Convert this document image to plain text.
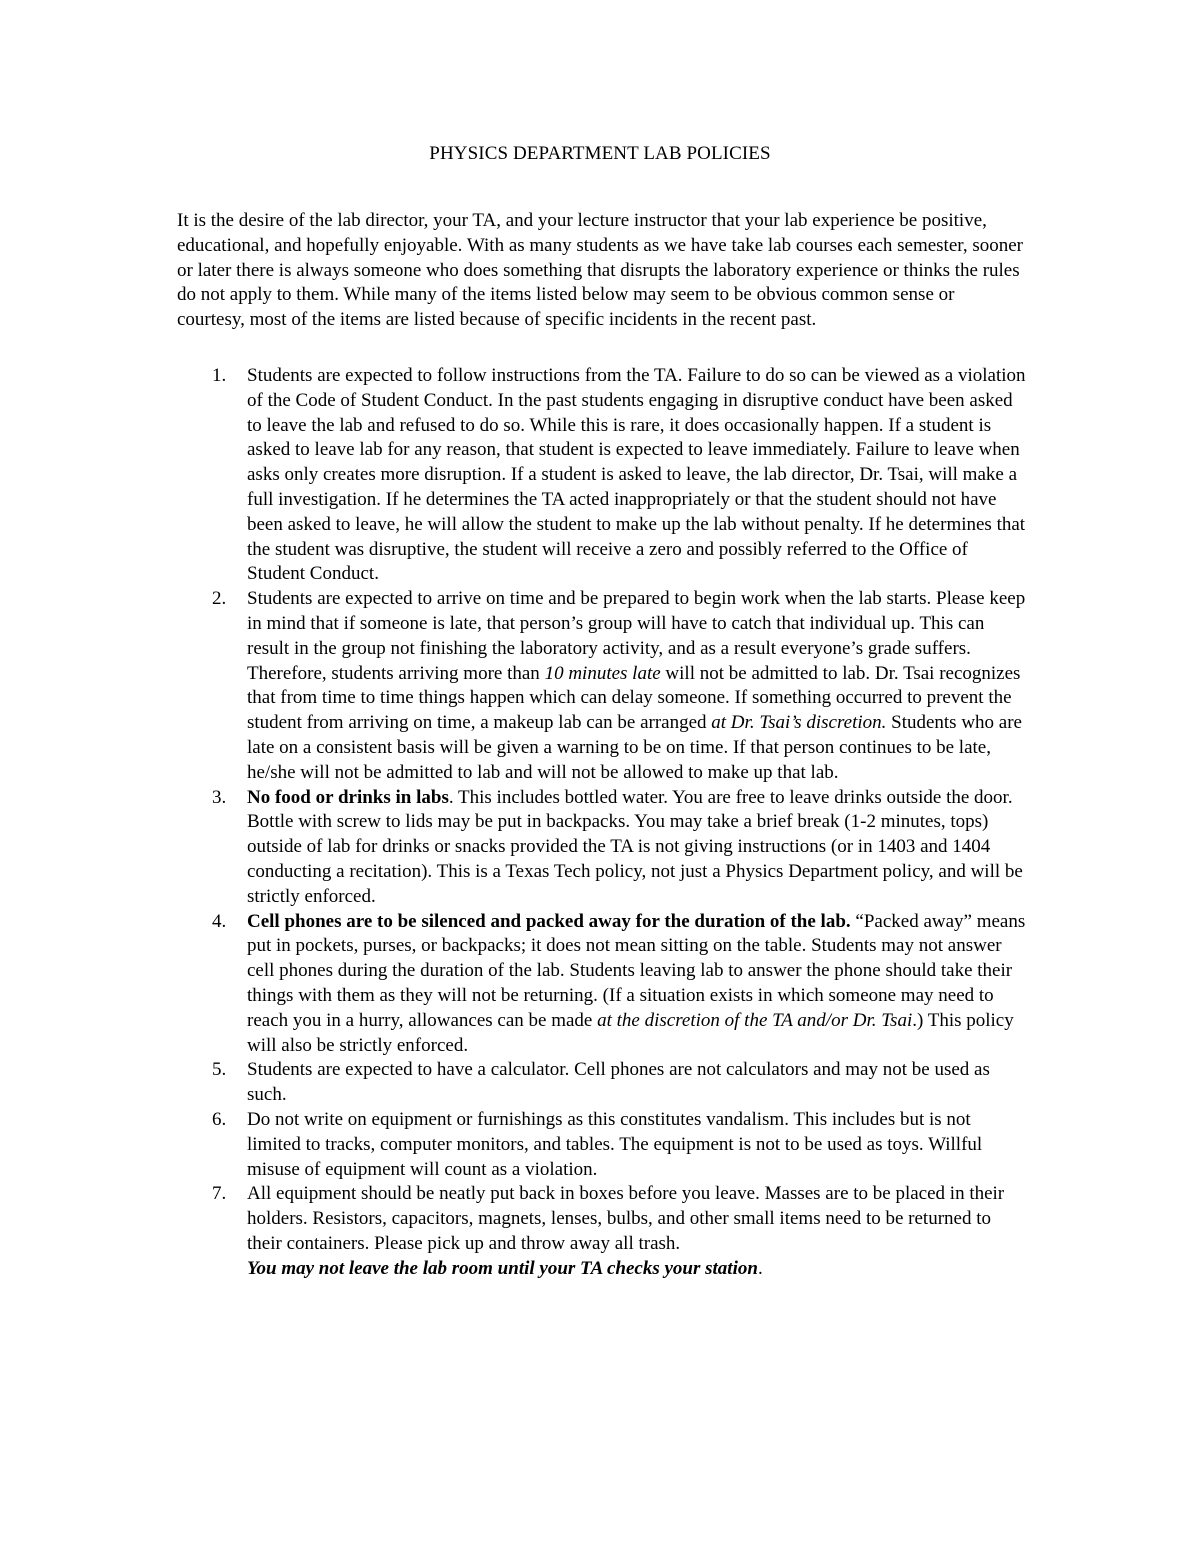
PHYSICS DEPARTMENT LAB POLICIES

It is the desire of the lab director, your TA, and your lecture instructor that your lab experience be positive, educational, and hopefully enjoyable. With as many students as we have take lab courses each semester, sooner or later there is always someone who does something that disrupts the laboratory experience or thinks the rules do not apply to them. While many of the items listed below may seem to be obvious common sense or courtesy, most of the items are listed because of specific incidents in the recent past.

1. Students are expected to follow instructions from the TA. Failure to do so can be viewed as a violation of the Code of Student Conduct. In the past students engaging in disruptive conduct have been asked to leave the lab and refused to do so. While this is rare, it does occasionally happen. If a student is asked to leave lab for any reason, that student is expected to leave immediately. Failure to leave when asks only creates more disruption. If a student is asked to leave, the lab director, Dr. Tsai, will make a full investigation. If he determines the TA acted inappropriately or that the student should not have been asked to leave, he will allow the student to make up the lab without penalty. If he determines that the student was disruptive, the student will receive a zero and possibly referred to the Office of Student Conduct.
2. Students are expected to arrive on time and be prepared to begin work when the lab starts. Please keep in mind that if someone is late, that person’s group will have to catch that individual up. This can result in the group not finishing the laboratory activity, and as a result everyone’s grade suffers. Therefore, students arriving more than 10 minutes late will not be admitted to lab. Dr. Tsai recognizes that from time to time things happen which can delay someone. If something occurred to prevent the student from arriving on time, a makeup lab can be arranged at Dr. Tsai’s discretion. Students who are late on a consistent basis will be given a warning to be on time. If that person continues to be late, he/she will not be admitted to lab and will not be allowed to make up that lab.
3. No food or drinks in labs. This includes bottled water. You are free to leave drinks outside the door. Bottle with screw to lids may be put in backpacks. You may take a brief break (1-2 minutes, tops) outside of lab for drinks or snacks provided the TA is not giving instructions (or in 1403 and 1404 conducting a recitation). This is a Texas Tech policy, not just a Physics Department policy, and will be strictly enforced.
4. Cell phones are to be silenced and packed away for the duration of the lab. “Packed away” means put in pockets, purses, or backpacks; it does not mean sitting on the table. Students may not answer cell phones during the duration of the lab. Students leaving lab to answer the phone should take their things with them as they will not be returning. (If a situation exists in which someone may need to reach you in a hurry, allowances can be made at the discretion of the TA and/or Dr. Tsai.) This policy will also be strictly enforced.
5. Students are expected to have a calculator. Cell phones are not calculators and may not be used as such.
6. Do not write on equipment or furnishings as this constitutes vandalism. This includes but is not limited to tracks, computer monitors, and tables. The equipment is not to be used as toys. Willful misuse of equipment will count as a violation.
7. All equipment should be neatly put back in boxes before you leave. Masses are to be placed in their holders. Resistors, capacitors, magnets, lenses, bulbs, and other small items need to be returned to their containers. Please pick up and throw away all trash.
You may not leave the lab room until your TA checks your station.
